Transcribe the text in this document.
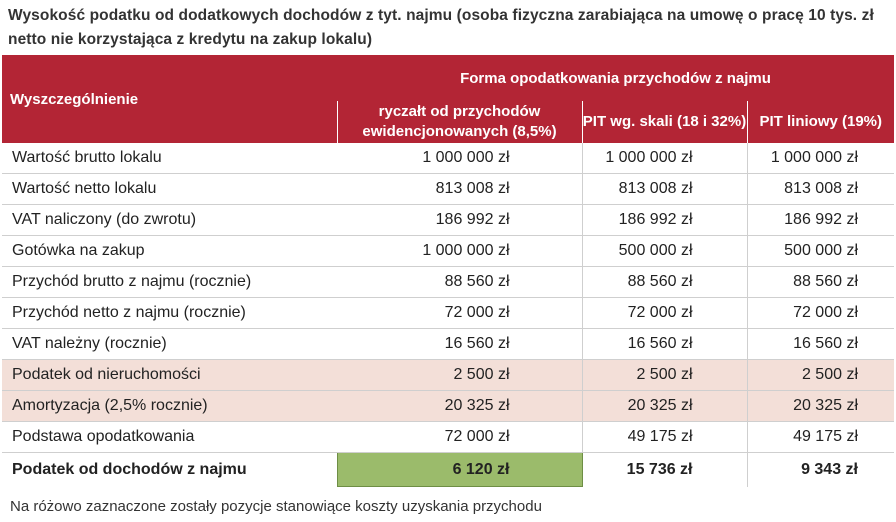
Wysokość podatku od dodatkowych dochodów z tyt. najmu (osoba fizyczna zarabiająca na umowę o pracę 10 tys. zł netto nie korzystająca z kredytu na zakup lokalu)
Wyszczególnienie	Forma opodatkowania przychodów z najmu		
	ryczałt od przychodów ewidencjonowanych (8,5%)	PIT wg. skali (18 i 32%)	PIT liniowy (19%)
Wartość brutto lokalu	1 000 000 zł	1 000 000 zł	1 000 000 zł
Wartość netto lokalu	813 008 zł	813 008 zł	813 008 zł
VAT naliczony (do zwrotu)	186 992 zł	186 992 zł	186 992 zł
Gotówka na zakup	1 000 000 zł	500 000 zł	500 000 zł
Przychód brutto z najmu (rocznie)	88 560 zł	88 560 zł	88 560 zł
Przychód netto z najmu (rocznie)	72 000 zł	72 000 zł	72 000 zł
VAT należny (rocznie)	16 560 zł	16 560 zł	16 560 zł
Podatek od nieruchomości	2 500 zł	2 500 zł	2 500 zł
Amortyzacja (2,5% rocznie)	20 325 zł	20 325 zł	20 325 zł
Podstawa opodatkowania	72 000 zł	49 175 zł	49 175 zł
Podatek od dochodów z najmu	6 120 zł	15 736 zł	9 343 zł
Na różowo zaznaczone zostały pozycje stanowiące koszty uzyskania przychodu
